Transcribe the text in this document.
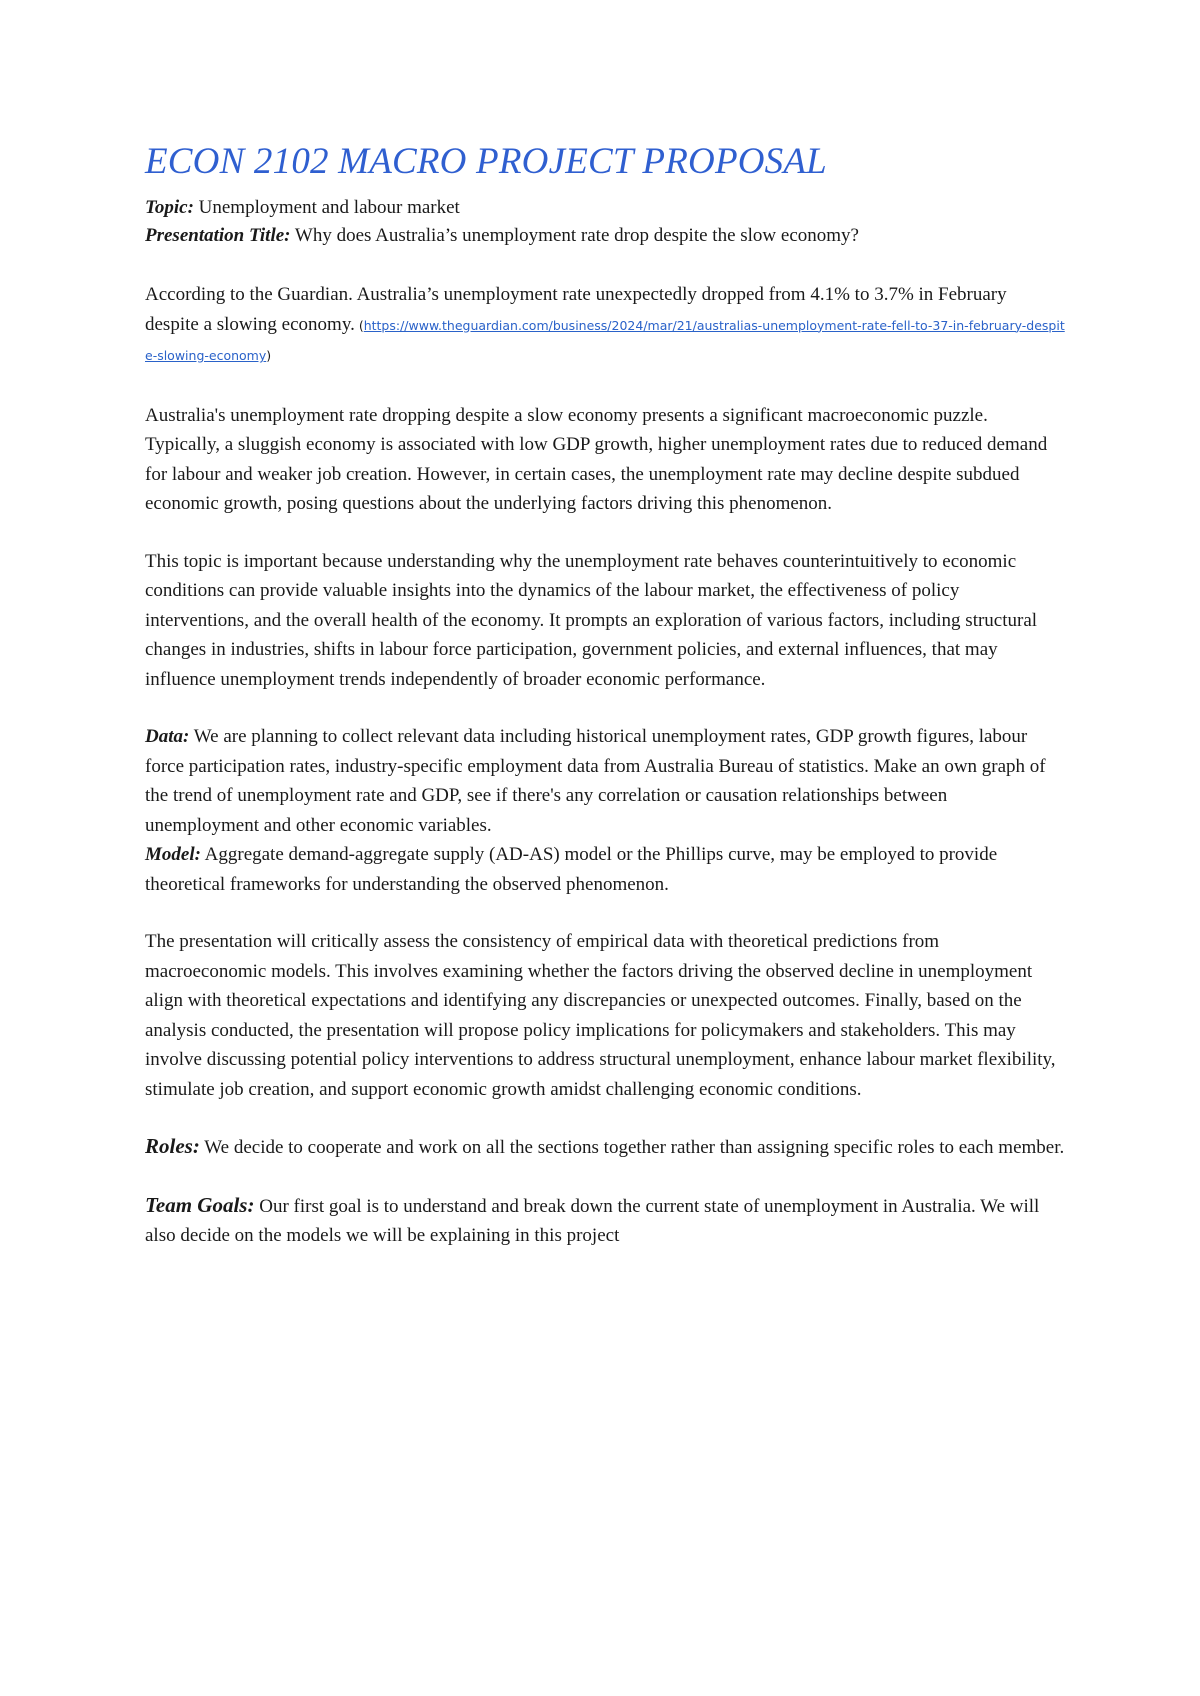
ECON 2102 MACRO PROJECT PROPOSAL

Topic: Unemployment and labour market

Presentation Title: Why does Australia’s unemployment rate drop despite the slow economy?

According to the Guardian. Australia’s unemployment rate unexpectedly dropped from 4.1% to 3.7% in February despite a slowing economy. (https://www.theguardian.com/business/2024/mar/21/australias-unemployment-rate-fell-to-37-in-february-despite-slowing-economy)

Australia's unemployment rate dropping despite a slow economy presents a significant macroeconomic puzzle. Typically, a sluggish economy is associated with low GDP growth, higher unemployment rates due to reduced demand for labour and weaker job creation. However, in certain cases, the unemployment rate may decline despite subdued economic growth, posing questions about the underlying factors driving this phenomenon.

This topic is important because understanding why the unemployment rate behaves counterintuitively to economic conditions can provide valuable insights into the dynamics of the labour market, the effectiveness of policy interventions, and the overall health of the economy. It prompts an exploration of various factors, including structural changes in industries, shifts in labour force participation, government policies, and external influences, that may influence unemployment trends independently of broader economic performance.

Data: We are planning to collect relevant data including historical unemployment rates, GDP growth figures, labour force participation rates, industry-specific employment data from Australia Bureau of statistics. Make an own graph of the trend of unemployment rate and GDP, see if there's any correlation or causation relationships between unemployment and other economic variables.

Model: Aggregate demand-aggregate supply (AD-AS) model or the Phillips curve, may be employed to provide theoretical frameworks for understanding the observed phenomenon.

The presentation will critically assess the consistency of empirical data with theoretical predictions from macroeconomic models. This involves examining whether the factors driving the observed decline in unemployment align with theoretical expectations and identifying any discrepancies or unexpected outcomes. Finally, based on the analysis conducted, the presentation will propose policy implications for policymakers and stakeholders. This may involve discussing potential policy interventions to address structural unemployment, enhance labour market flexibility, stimulate job creation, and support economic growth amidst challenging economic conditions.

Roles: We decide to cooperate and work on all the sections together rather than assigning specific roles to each member.

Team Goals: Our first goal is to understand and break down the current state of unemployment in Australia. We will also decide on the models we will be explaining in this project
